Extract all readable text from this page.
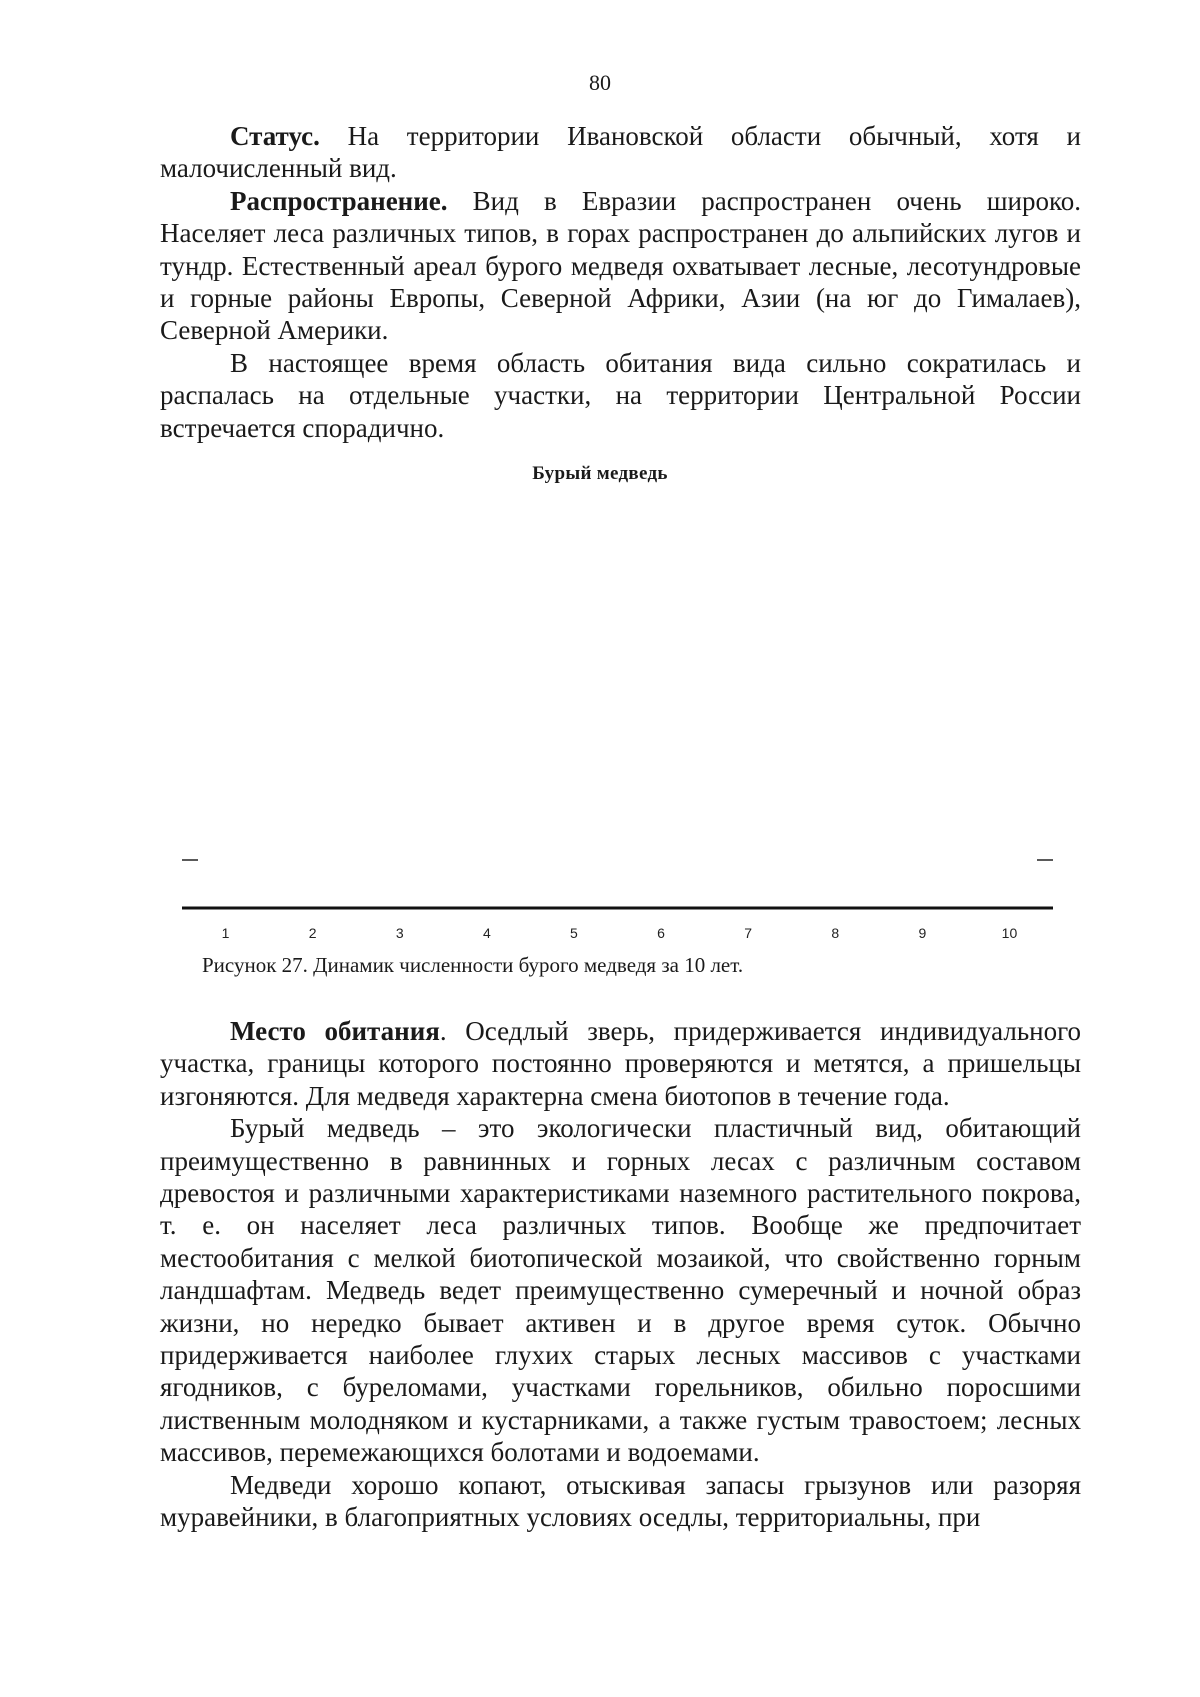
80

Статус. На территории Ивановской области обычный, хотя и малочисленный вид.

Распространение. Вид в Евразии распространен очень широко. Населяет леса различных типов, в горах распространен до альпийских лугов и тундр. Естественный ареал бурого медведя охватывает лесные, лесотундровые и горные районы Европы, Северной Африки, Азии (на юг до Гималаев), Северной Америки.

В настоящее время область обитания вида сильно сократилась и распалась на отдельные участки, на территории Центральной России встречается спорадично.

Бурый медведь
1	2	3	4	5	6	7	8	9	10
Рисунок 27. Динамик численности бурого медведя за 10 лет.

Место обитания. Оседлый зверь, придерживается индивидуального участка, границы которого постоянно проверяются и метятся, а пришельцы изгоняются. Для медведя характерна смена биотопов в течение года.

Бурый медведь – это экологически пластичный вид, обитающий преимущественно в равнинных и горных лесах с различным составом древостоя и различными характеристиками наземного растительного покрова, т. е. он населяет леса различных типов. Вообще же предпочитает местообитания с мелкой биотопической мозаикой, что свойственно горным ландшафтам. Медведь ведет преимущественно сумеречный и ночной образ жизни, но нередко бывает активен и в другое время суток. Обычно придерживается наиболее глухих старых лесных массивов с участками ягодников, с буреломами, участками горельников, обильно поросшими лиственным молодняком и кустарниками, а также густым травостоем; лесных массивов, перемежающихся болотами и водоемами.

Медведи хорошо копают, отыскивая запасы грызунов или разоряя муравейники, в благоприятных условиях оседлы, территориальны, при
